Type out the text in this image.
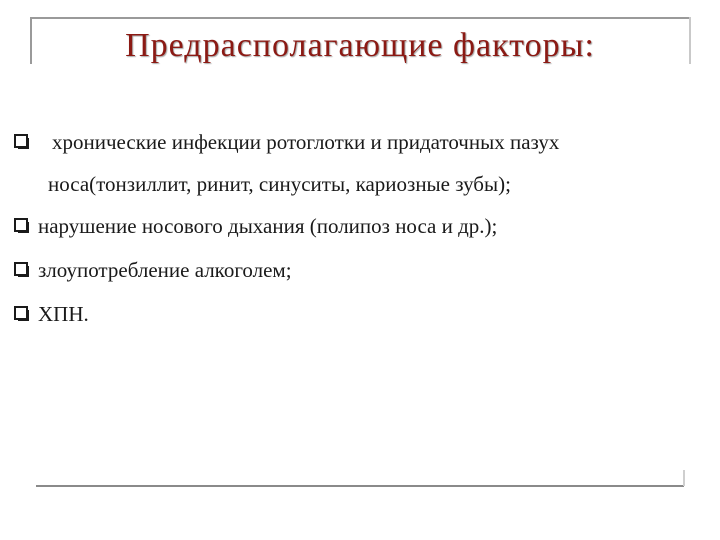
Предрасполагающие факторы:
хронические инфекции ротоглотки и придаточных пазух
носа(тонзиллит, ринит, синуситы, кариозные зубы);
нарушение носового дыхания (полипоз носа и др.);
злоупотребление алкоголем;
ХПН.
